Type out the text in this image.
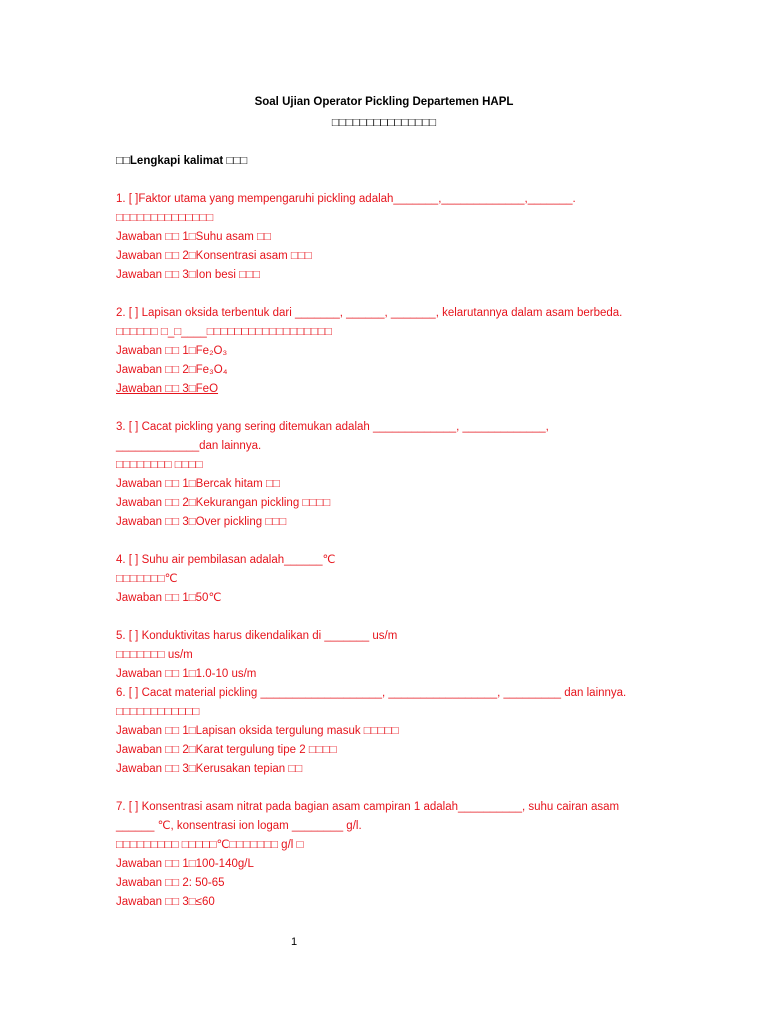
Soal Ujian Operator Pickling Departemen HAPL
□□□□□□□□□□□□□□□
□□Lengkapi kalimat □□□
1. [ ]Faktor utama yang mempengaruhi pickling adalah_______,_____________,_______.
□□□□□□□□□□□□□□
Jawaban □□ 1□Suhu asam □□
Jawaban □□ 2□Konsentrasi asam □□□
Jawaban □□ 3□Ion besi □□□
2. [ ] Lapisan oksida terbentuk dari _______, ______, _______, kelarutannya dalam asam berbeda.
□□□□□□ □_□____□□□□□□□□□□□□□□□□□□
Jawaban □□ 1□Fe₂O₃
Jawaban □□ 2□Fe₃O₄
Jawaban □□ 3□FeO
3. [ ] Cacat pickling yang sering ditemukan adalah _____________, _____________,
_____________dan lainnya.
□□□□□□□□ □□□□
Jawaban □□ 1□Bercak hitam □□
Jawaban □□ 2□Kekurangan pickling □□□□
Jawaban □□ 3□Over pickling □□□
4. [ ] Suhu air pembilasan adalah______℃
□□□□□□□℃
Jawaban □□ 1□50℃
5. [ ] Konduktivitas harus dikendalikan di _______ us/m
□□□□□□□ us/m
Jawaban □□ 1□1.0-10 us/m
6. [ ] Cacat material pickling ___________________, _________________, _________ dan lainnya.
□□□□□□□□□□□□
Jawaban □□ 1□Lapisan oksida tergulung masuk □□□□□
Jawaban □□ 2□Karat tergulung tipe 2 □□□□
Jawaban □□ 3□Kerusakan tepian □□
7. [ ] Konsentrasi asam nitrat pada bagian asam campiran 1 adalah__________, suhu cairan asam
______ ℃, konsentrasi ion logam ________ g/l.
□□□□□□□□□ □□□□□℃□□□□□□□ g/l □
Jawaban □□ 1□100-140g/L
Jawaban □□ 2: 50-65
Jawaban □□ 3□≤60
1
